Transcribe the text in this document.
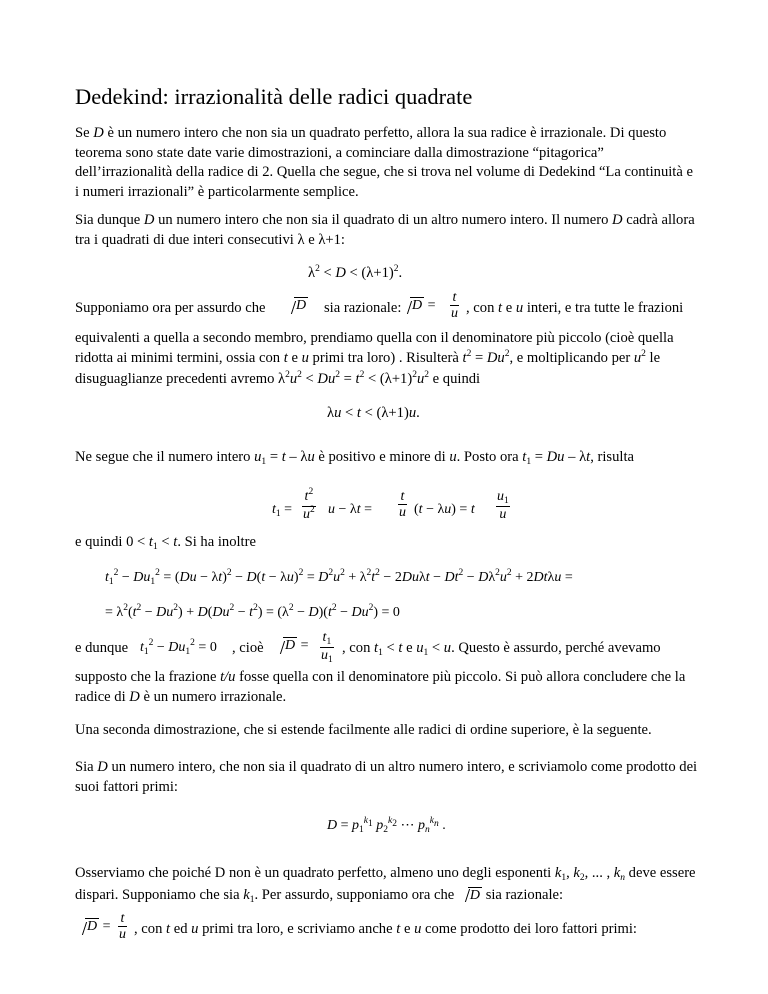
Dedekind: irrazionalità delle radici quadrate

Se D è un numero intero che non sia un quadrato perfetto, allora la sua radice è irrazionale. Di questo teorema sono state date varie dimostrazioni, a cominciare dalla dimostrazione “pitagorica” dell’irrazionalità della radice di 2. Quella che segue, che si trova nel volume di Dedekind “La continuità e i numeri irrazionali” è particolarmente semplice.

Sia dunque D un numero intero che non sia il quadrato di un altro numero intero. Il numero D cadrà allora tra i quadrati di due interi consecutivi λ e λ+1:

$\lambda^2 < D < (\lambda+1)^2$.
Supponiamo ora per assurdo che	D sia razionale: $D = \frac{t}{u}$ , con t e u interi, e tra tutte le frazioni

equivalenti a quella a secondo membro, prendiamo quella con il denominatore più piccolo (cioè quella ridotta ai minimi termini, ossia con t e u primi tra loro) . Risulterà $t^2 = Du^2$, e moltiplicando per $u^2$ le disuguaglianze precedenti avremo $\lambda^2u^2 < Du^2 = t^2 < (\lambda+1)^2u^2$ e quindi

λu < t < (λ+1)u.

Ne segue che il numero intero $u_1 = t - \lambda u$ è positivo e minore di u. Posto ora $t_1 = Du - \lambda t$, risulta

$t_1 = \frac{t^2}{u^2}$ $u - \lambda t = \frac{t}{u} (t - \lambda u) = t \frac{u_1}{u}$

e quindi $0 < t_1 < t$. Si ha inoltre

$t_1^2 - Du_1^2 = (Du - \lambda t)^2 - D(t - \lambda u)^2 = D^2u^2 + \lambda^2t^2 - 2Du\lambda t - Dt^2 - D\lambda^2u^2 + 2Dt\lambda u$ =
= $\lambda^2(t^2 - Du^2) + D(Du^2 - t^2) = (\lambda^2 - D)(t^2 - Du^2) = 0$
e dunque $t_1^2 - Du_1^2 = 0$ , cioè	$D = \frac{t_1}{u_1}$ , con $t_1 < t$ e $u_1 < u$. Questo è assurdo, perché avevamo

supposto che la frazione t/u fosse quella con il denominatore più piccolo. Si può allora concludere che la radice di D è un numero irrazionale.

Una seconda dimostrazione, che si estende facilmente alle radici di ordine superiore, è la seguente.

Sia D un numero intero, che non sia il quadrato di un altro numero intero, e scriviamolo come prodotto dei suoi fattori primi:

$D = p_1^{k_1}$ $p_2^{k_2}$ ⋯ $p_n^{k_n}$ .

Osserviamo che poiché D non è un quadrato perfetto, almeno uno degli esponenti $k_1$, $k_2$, ... , $k_n$ deve essere dispari. Supponiamo che sia $k_1$. Per assurdo, supponiamo ora che D sia razionale:

$D = \frac{t}{u}$ , con t ed u primi tra loro, e scriviamo anche t e u come prodotto dei loro fattori primi:
